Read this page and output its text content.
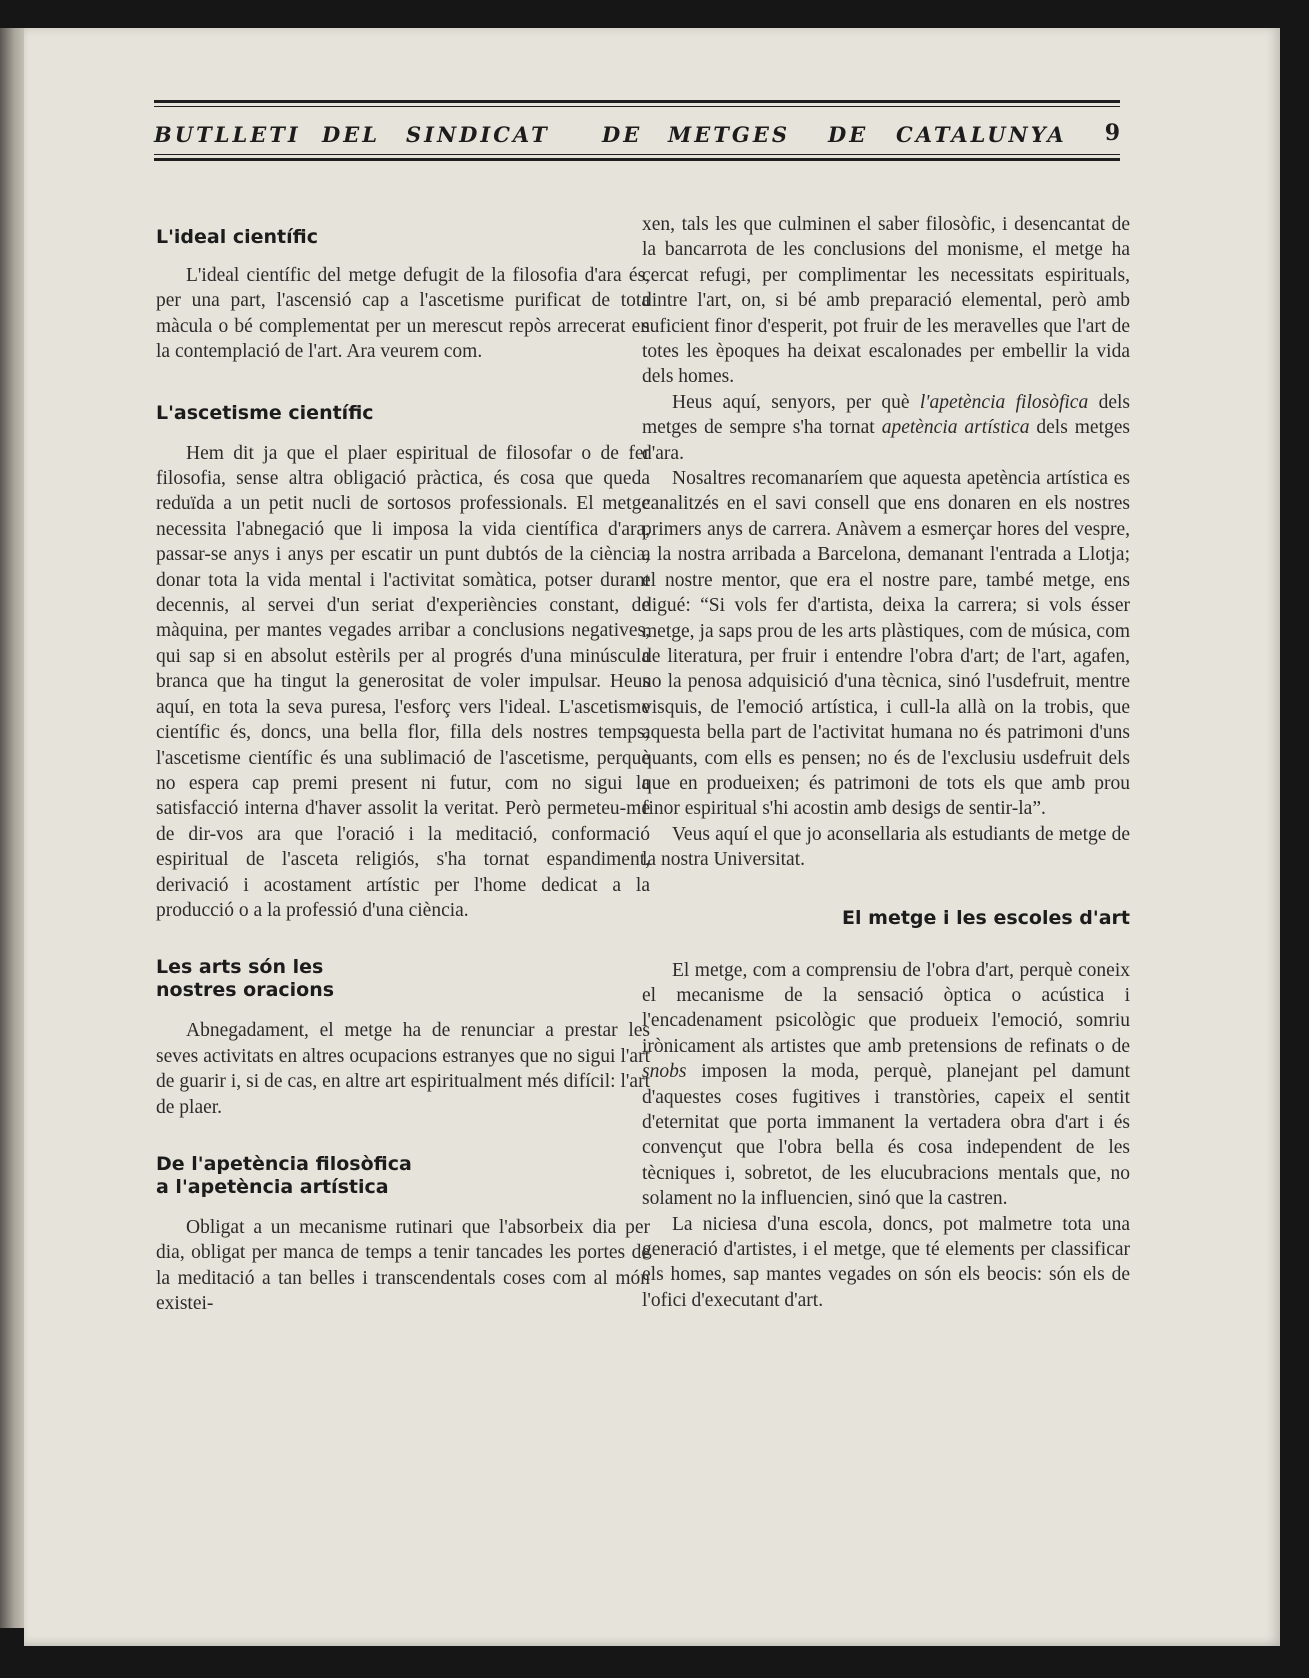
BUTLLETI DEL SINDICAT DE METGES DE CATALUNYA 9
L'ideal científic

L'ideal científic del metge defugit de la filosofia d'ara és, per una part, l'ascensió cap a l'ascetisme purificat de tota màcula o bé complementat per un merescut repòs arrecerat en la contemplació de l'art. Ara veurem com.

L'ascetisme científic

Hem dit ja que el plaer espiritual de filosofar o de fer filosofia, sense altra obligació pràctica, és cosa que queda reduïda a un petit nucli de sortosos professionals. El metge necessita l'abnegació que li imposa la vida científica d'ara, passar-se anys i anys per escatir un punt dubtós de la ciència, donar tota la vida mental i l'activitat somàtica, potser durant decennis, al servei d'un seriat d'experiències constant, de màquina, per mantes vegades arribar a conclusions negatives, qui sap si en absolut estèrils per al progrés d'una minúscula branca que ha tingut la generositat de voler impulsar. Heus aquí, en tota la seva puresa, l'esforç vers l'ideal. L'ascetisme científic és, doncs, una bella flor, filla dels nostres temps; l'ascetisme científic és una sublimació de l'ascetisme, perquè no espera cap premi present ni futur, com no sigui la satisfacció interna d'haver assolit la veritat. Però permeteu-me de dir-vos ara que l'oració i la meditació, conformació espiritual de l'asceta religiós, s'ha tornat espandiment, derivació i acostament artístic per l'home dedicat a la producció o a la professió d'una ciència.

Les arts són les
nostres oracions

Abnegadament, el metge ha de renunciar a prestar les seves activitats en altres ocupacions estranyes que no sigui l'art de guarir i, si de cas, en altre art espiritualment més difícil: l'art de plaer.

De l'apetència filosòfica
a l'apetència artística

Obligat a un mecanisme rutinari que l'absorbeix dia per dia, obligat per manca de temps a tenir tancades les portes de la meditació a tan belles i transcendentals coses com al món existei-

xen, tals les que culminen el saber filosòfic, i desencantat de la bancarrota de les conclusions del monisme, el metge ha cercat refugi, per complimentar les necessitats espirituals, dintre l'art, on, si bé amb preparació elemental, però amb suficient finor d'esperit, pot fruir de les meravelles que l'art de totes les èpoques ha deixat escalonades per embellir la vida dels homes.

Heus aquí, senyors, per què l'apetència filosòfica dels metges de sempre s'ha tornat apetència artística dels metges d'ara.

Nosaltres recomanaríem que aquesta apetència artística es canalitzés en el savi consell que ens donaren en els nostres primers anys de carrera. Anàvem a esmerçar hores del vespre, a la nostra arribada a Barcelona, demanant l'entrada a Llotja; el nostre mentor, que era el nostre pare, també metge, ens digué: “Si vols fer d'artista, deixa la carrera; si vols ésser metge, ja saps prou de les arts plàstiques, com de música, com de literatura, per fruir i entendre l'obra d'art; de l'art, agafen, no la penosa adquisició d'una tècnica, sinó l'usdefruit, mentre visquis, de l'emoció artística, i cull-la allà on la trobis, que aquesta bella part de l'activitat humana no és patrimoni d'uns quants, com ells es pensen; no és de l'exclusiu usdefruit dels que en produeixen; és patrimoni de tots els que amb prou finor espiritual s'hi acostin amb desigs de sentir-la”.

Veus aquí el que jo aconsellaria als estudiants de metge de la nostra Universitat.

El metge i les escoles d'art

El metge, com a comprensiu de l'obra d'art, perquè coneix el mecanisme de la sensació òptica o acústica i l'encadenament psicològic que produeix l'emoció, somriu irònicament als artistes que amb pretensions de refinats o de snobs imposen la moda, perquè, planejant pel damunt d'aquestes coses fugitives i transtòries, capeix el sentit d'eternitat que porta immanent la vertadera obra d'art i és convençut que l'obra bella és cosa independent de les tècniques i, sobretot, de les elucubracions mentals que, no solament no la influencien, sinó que la castren.

La niciesa d'una escola, doncs, pot malmetre tota una generació d'artistes, i el metge, que té elements per classificar els homes, sap mantes vegades on són els beocis: són els de l'ofici d'executant d'art.
